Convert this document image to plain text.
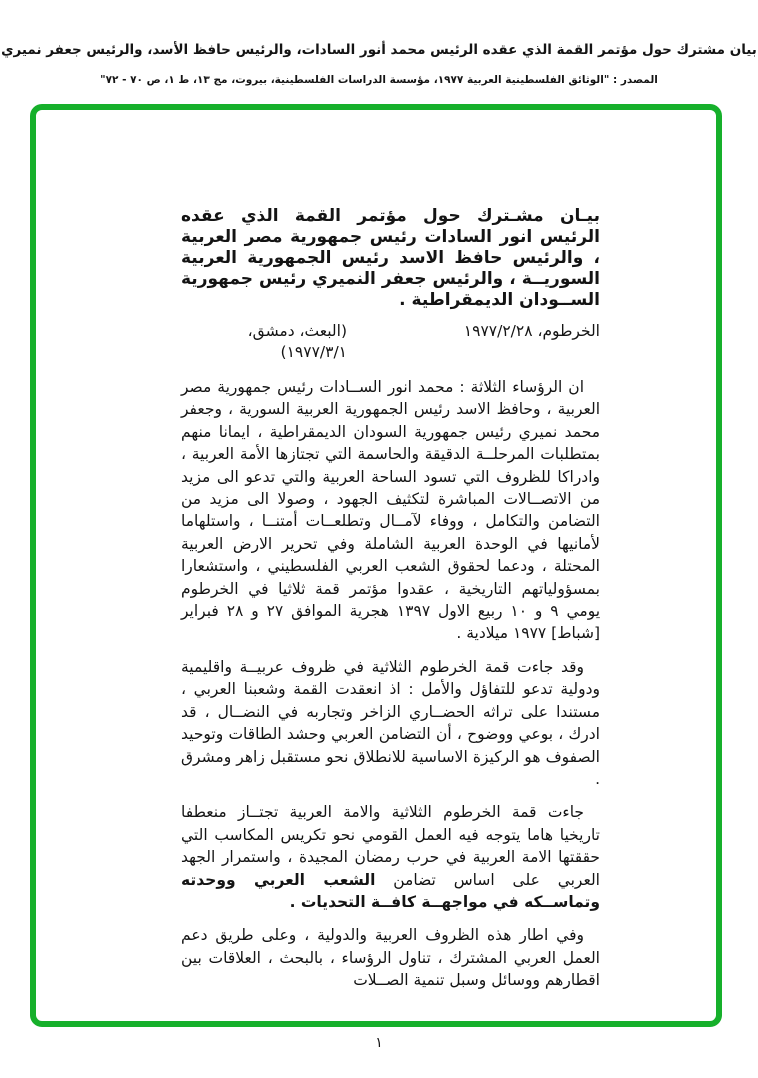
بيان مشترك حول مؤتمر القمة الذي عقده الرئيس محمد أنور السادات، والرئيس حافظ الأسد، والرئيس جعفر نميري
المصدر : "الوثائق الفلسطينية العربية ١٩٧٧، مؤسسة الدراسات الفلسطينية، بيروت، مج ١٣، ط ١، ص ٧٠ - ٧٢"
بيـان مشـترك حول مؤتمر القمة الذي عقده الرئيس انور السادات رئيس جمهورية مصر العربية ، والرئيس حافظ الاسد رئيس الجمهورية العربية السوريــة ، والرئيس جعفر النميري رئيس جمهورية الســودان الديمقراطية .
الخرطوم، ١٩٧٧/٢/٢٨
(البعث، دمشق، ١٩٧٧/٣/١)

ان الرؤساء الثلاثة : محمد انور الســادات رئيس جمهورية مصر العربية ، وحافظ الاسد رئيس الجمهورية العربية السورية ، وجعفر محمد نميري رئيس جمهورية السودان الديمقراطية ، ايمانا منهم بمتطلبات المرحلــة الدقيقة والحاسمة التي تجتازها الأمة العربية ، وادراكا للظروف التي تسود الساحة العربية والتي تدعو الى مزيد من الاتصــالات المباشرة لتكثيف الجهود ، وصولا الى مزيد من التضامن والتكامل ، ووفاء لآمــال وتطلعــات أمتنــا ، واستلهاما لأمانيها في الوحدة العربية الشاملة وفي تحرير الارض العربية المحتلة ، ودعما لحقوق الشعب العربي الفلسطيني ، واستشعارا بمسؤولياتهم التاريخية ، عقدوا مؤتمر قمة ثلاثيا في الخرطوم يومي ٩ و ١٠ ربيع الاول ١٣٩٧ هجرية الموافق ٢٧ و ٢٨ فبراير [شباط] ١٩٧٧ ميلادية .

وقد جاءت قمة الخرطوم الثلاثية في ظروف عربيــة واقليمية ودولية تدعو للتفاؤل والأمل : اذ انعقدت القمة وشعبنا العربي ، مستندا على تراثه الحضــاري الزاخر وتجاربه في النضــال ، قد ادرك ، بوعي ووضوح ، أن التضامن العربي وحشد الطاقات وتوحيد الصفوف هو الركيزة الاساسية للانطلاق نحو مستقبل زاهر ومشرق .

جاءت قمة الخرطوم الثلاثية والامة العربية تجتــاز منعطفا تاريخيا هاما يتوجه فيه العمل القومي نحو تكريس المكاسب التي حققتها الامة العربية في حرب رمضان المجيدة ، واستمرار الجهد العربي على اساس تضامن الشعب العربي ووحدته وتماســكه في مواجهــة كافــة التحديات .

وفي اطار هذه الظروف العربية والدولية ، وعلى طريق دعم العمل العربي المشترك ، تناول الرؤساء ، بالبحث ، العلاقات بين اقطارهم ووسائل وسبل تنمية الصــلات

١
